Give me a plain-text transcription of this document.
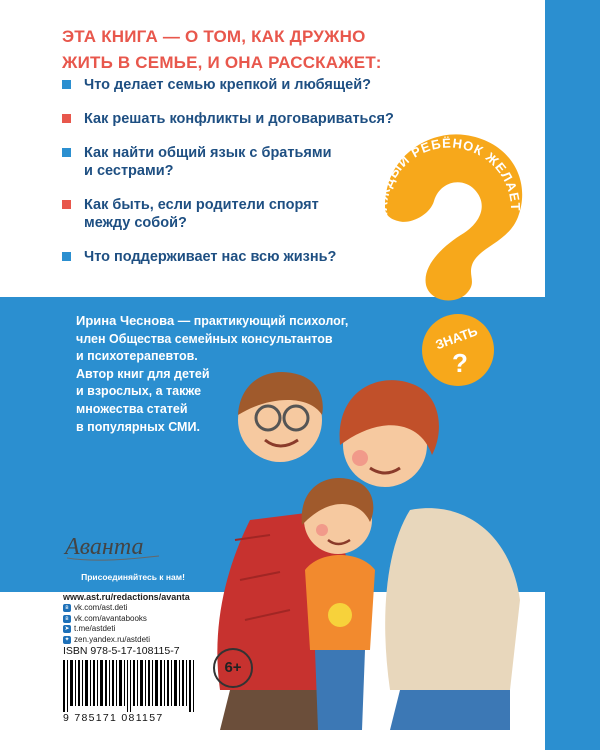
ЭТА КНИГА — О ТОМ, КАК ДРУЖНО
ЖИТЬ В СЕМЬЕ, И ОНА РАССКАЖЕТ:
Что делает семью крепкой и любящей?
Как решать конфликты и договариваться?
Как найти общий язык с братьями
и сестрами?
Как быть, если родители спорят
между собой?
Что поддерживает нас всю жизнь?
КАЖДЫЙ РЕБЁНОК ЖЕЛАЕТ
ЗНАТЬ
?
Ирина Чеснова — практикующий психолог,
член Общества семейных консультантов
и психотерапевтов.
Автор книг для детей
и взрослых, а также
множества статей
в популярных СМИ.
Аванта
Присоединяйтесь к нам!
www.ast.ru/redactions/avanta
в vk.com/ast.deti
в vk.com/avantabooks
➤ t.me/astdeti
✦ zen.yandex.ru/astdeti
ISBN 978-5-17-108115-7
9 785171 081157
6+
